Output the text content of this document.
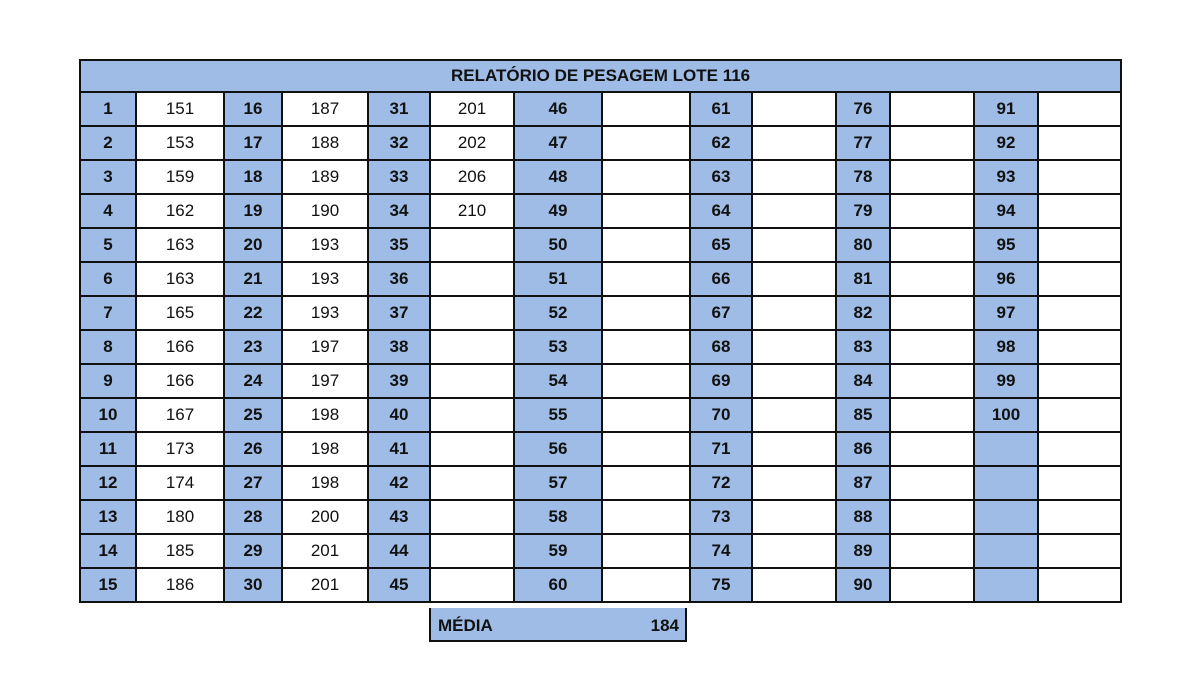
RELATÓRIO DE PESAGEM LOTE 116													
1	151	16	187	31	201	46		61		76		91	
2	153	17	188	32	202	47		62		77		92	
3	159	18	189	33	206	48		63		78		93	
4	162	19	190	34	210	49		64		79		94	
5	163	20	193	35		50		65		80		95	
6	163	21	193	36		51		66		81		96	
7	165	22	193	37		52		67		82		97	
8	166	23	197	38		53		68		83		98	
9	166	24	197	39		54		69		84		99	
10	167	25	198	40		55		70		85		100	
11	173	26	198	41		56		71		86			
12	174	27	198	42		57		72		87			
13	180	28	200	43		58		73		88			
14	185	29	201	44		59		74		89			
15	186	30	201	45		60		75		90			
MÉDIA	184
